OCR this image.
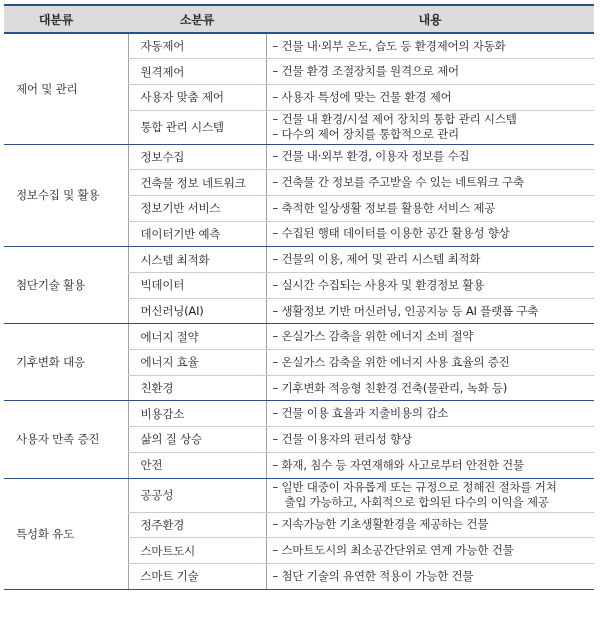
대분류	소분류	내용
제어 및 관리	자동제어	– 건물 내·외부 온도, 습도 등 환경제어의 자동화

	원격제어	– 건물 환경 조절장치를 원격으로 제어

	사용자 맞춤 제어	– 사용자 특성에 맞는 건물 환경 제어

	통합 관리 시스템	– 건물 내 환경/시설 제어 장치의 통합 관리 시스템
– 다수의 제어 장치를 통합적으로 관리

정보수집 및 활용	정보수집	– 건물 내·외부 환경, 이용자 정보를 수집

	건축물 정보 네트워크	– 건축물 간 정보를 주고받을 수 있는 네트워크 구축

	정보기반 서비스	– 축적한 일상생활 정보를 활용한 서비스 제공

	데이터기반 예측	– 수집된 행태 데이터를 이용한 공간 활용성 향상

첨단기술 활용	시스템 최적화	– 건물의 이용, 제어 및 관리 시스템 최적화

	빅데이터	– 실시간 수집되는 사용자 및 환경정보 활용

	머신러닝(AI)	– 생활정보 기반 머신러닝, 인공지능 등 AI 플랫폼 구축

기후변화 대응	에너지 절약	– 온실가스 감축을 위한 에너지 소비 절약

	에너지 효율	– 온실가스 감축을 위한 에너지 사용 효율의 증진

	친환경	– 기후변화 적응형 친환경 건축(물관리, 녹화 등)

사용자 만족 증진	비용감소	– 건물 이용 효율과 지출비용의 감소

	삶의 질 상승	– 건물 이용자의 편리성 향상

	안전	– 화재, 침수 등 자연재해와 사고로부터 안전한 건물

특성화 유도	공공성	– 일반 대중이 자유롭게 또는 규정으로 정해진 절차를 거쳐
출입 가능하고, 사회적으로 합의된 다수의 이익을 제공

	정주환경	– 지속가능한 기초생활환경을 제공하는 건물

	스마트도시	– 스마트도시의 최소공간단위로 연계 가능한 건물

	스마트 기술	– 첨단 기술의 유연한 적용이 가능한 건물
